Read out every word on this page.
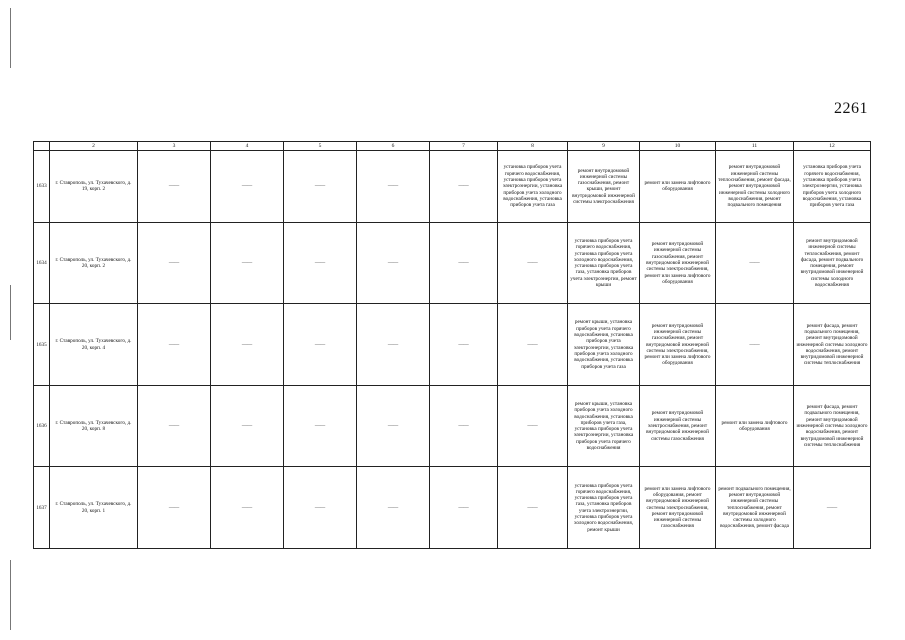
2261
	2	3	4	5	6	7	8	9	10	11	12
1633	г. Ставрополь, ул. Тухачевского, д. 19, корп. 2	——	——	——	——	——	установка приборов учета горячего водоснабжения, установка приборов учета электроэнергии, установка приборов учета холодного водоснабжения, установка приборов учета газа	ремонт внутридомовой инженерной системы газоснабжения, ремонт крыши, ремонт внутридомовой инженерной системы электроснабжения	ремонт или замена лифтового оборудования	ремонт внутридомовой инженерной системы теплоснабжения, ремонт фасада, ремонт внутридомовой инженерной системы холодного водоснабжения, ремонт подвального помещения	установка приборов учета горячего водоснабжения, установка приборов учета электроэнергии, установка приборов учета холодного водоснабжения, установка приборов учета газа
1634	г. Ставрополь, ул. Тухачевского, д. 20, корп. 2	——	——	——	——	——	——	установка приборов учета горячего водоснабжения, установка приборов учета холодного водоснабжения, установка приборов учета газа, установка приборов учета электроэнергии, ремонт крыши	ремонт внутридомовой инженерной системы газоснабжения, ремонт внутридомовой инженерной системы электроснабжения, ремонт или замена лифтового оборудования	——	ремонт внутридомовой инженерной системы теплоснабжения, ремонт фасада, ремонт подвального помещения, ремонт внутридомовой инженерной системы холодного водоснабжения
1635	г. Ставрополь, ул. Тухачевского, д. 20, корп. 4	——	——	——	——	——	——	ремонт крыши, установка приборов учета горячего водоснабжения, установка приборов учета электроэнергии, установка приборов учета холодного водоснабжения, установка приборов учета газа	ремонт внутридомовой инженерной системы газоснабжения, ремонт внутридомовой инженерной системы электроснабжения, ремонт или замена лифтового оборудования	——	ремонт фасада, ремонт подвального помещения, ремонт внутридомовой инженерной системы холодного водоснабжения, ремонт внутридомовой инженерной системы теплоснабжения
1636	г. Ставрополь, ул. Тухачевского, д. 20, корп. 8	——	——	——	——	——	——	ремонт крыши, установка приборов учета холодного водоснабжения, установка приборов учета газа, установка приборов учета электроэнергии, установка приборов учета горячего водоснабжения	ремонт внутридомовой инженерной системы электроснабжения, ремонт внутридомовой инженерной системы газоснабжения	ремонт или замена лифтового оборудования	ремонт фасада, ремонт подвального помещения, ремонт внутридомовой инженерной системы холодного водоснабжения, ремонт внутридомовой инженерной системы теплоснабжения
1637	г. Ставрополь, ул. Тухачевского, д. 20, корп. 1	——	——	——	——	——	——	установка приборов учета горячего водоснабжения, установка приборов учета газа, установка приборов учета электроэнергии, установка приборов учета холодного водоснабжения, ремонт крыши	ремонт или замена лифтового оборудования, ремонт внутридомовой инженерной системы электроснабжения, ремонт внутридомовой инженерной системы газоснабжения	ремонт подвального помещения, ремонт внутридомовой инженерной системы теплоснабжения, ремонт внутридомовой инженерной системы холодного водоснабжения, ремонт фасада	——
